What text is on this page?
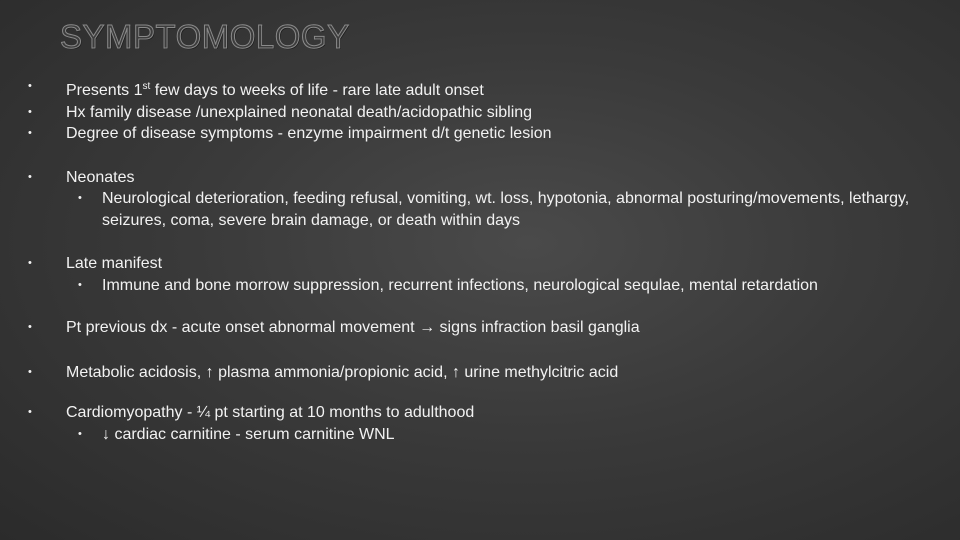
SYMPTOMOLOGY
• Presents 1st few days to weeks of life - rare late adult onset
• Hx family disease /unexplained neonatal death/acidopathic sibling
• Degree of disease symptoms - enzyme impairment d/t genetic lesion
• Neonates
• Neurological deterioration, feeding refusal, vomiting, wt. loss, hypotonia, abnormal posturing/movements, lethargy, seizures, coma, severe brain damage, or death within days
• Late manifest
• Immune and bone morrow suppression, recurrent infections, neurological sequlae, mental retardation
• Pt previous dx - acute onset abnormal movement → signs infraction basil ganglia
• Metabolic acidosis, ↑ plasma ammonia/propionic acid, ↑ urine methylcitric acid
• Cardiomyopathy - ¼ pt starting at 10 months to adulthood
• ↓ cardiac carnitine - serum carnitine WNL
